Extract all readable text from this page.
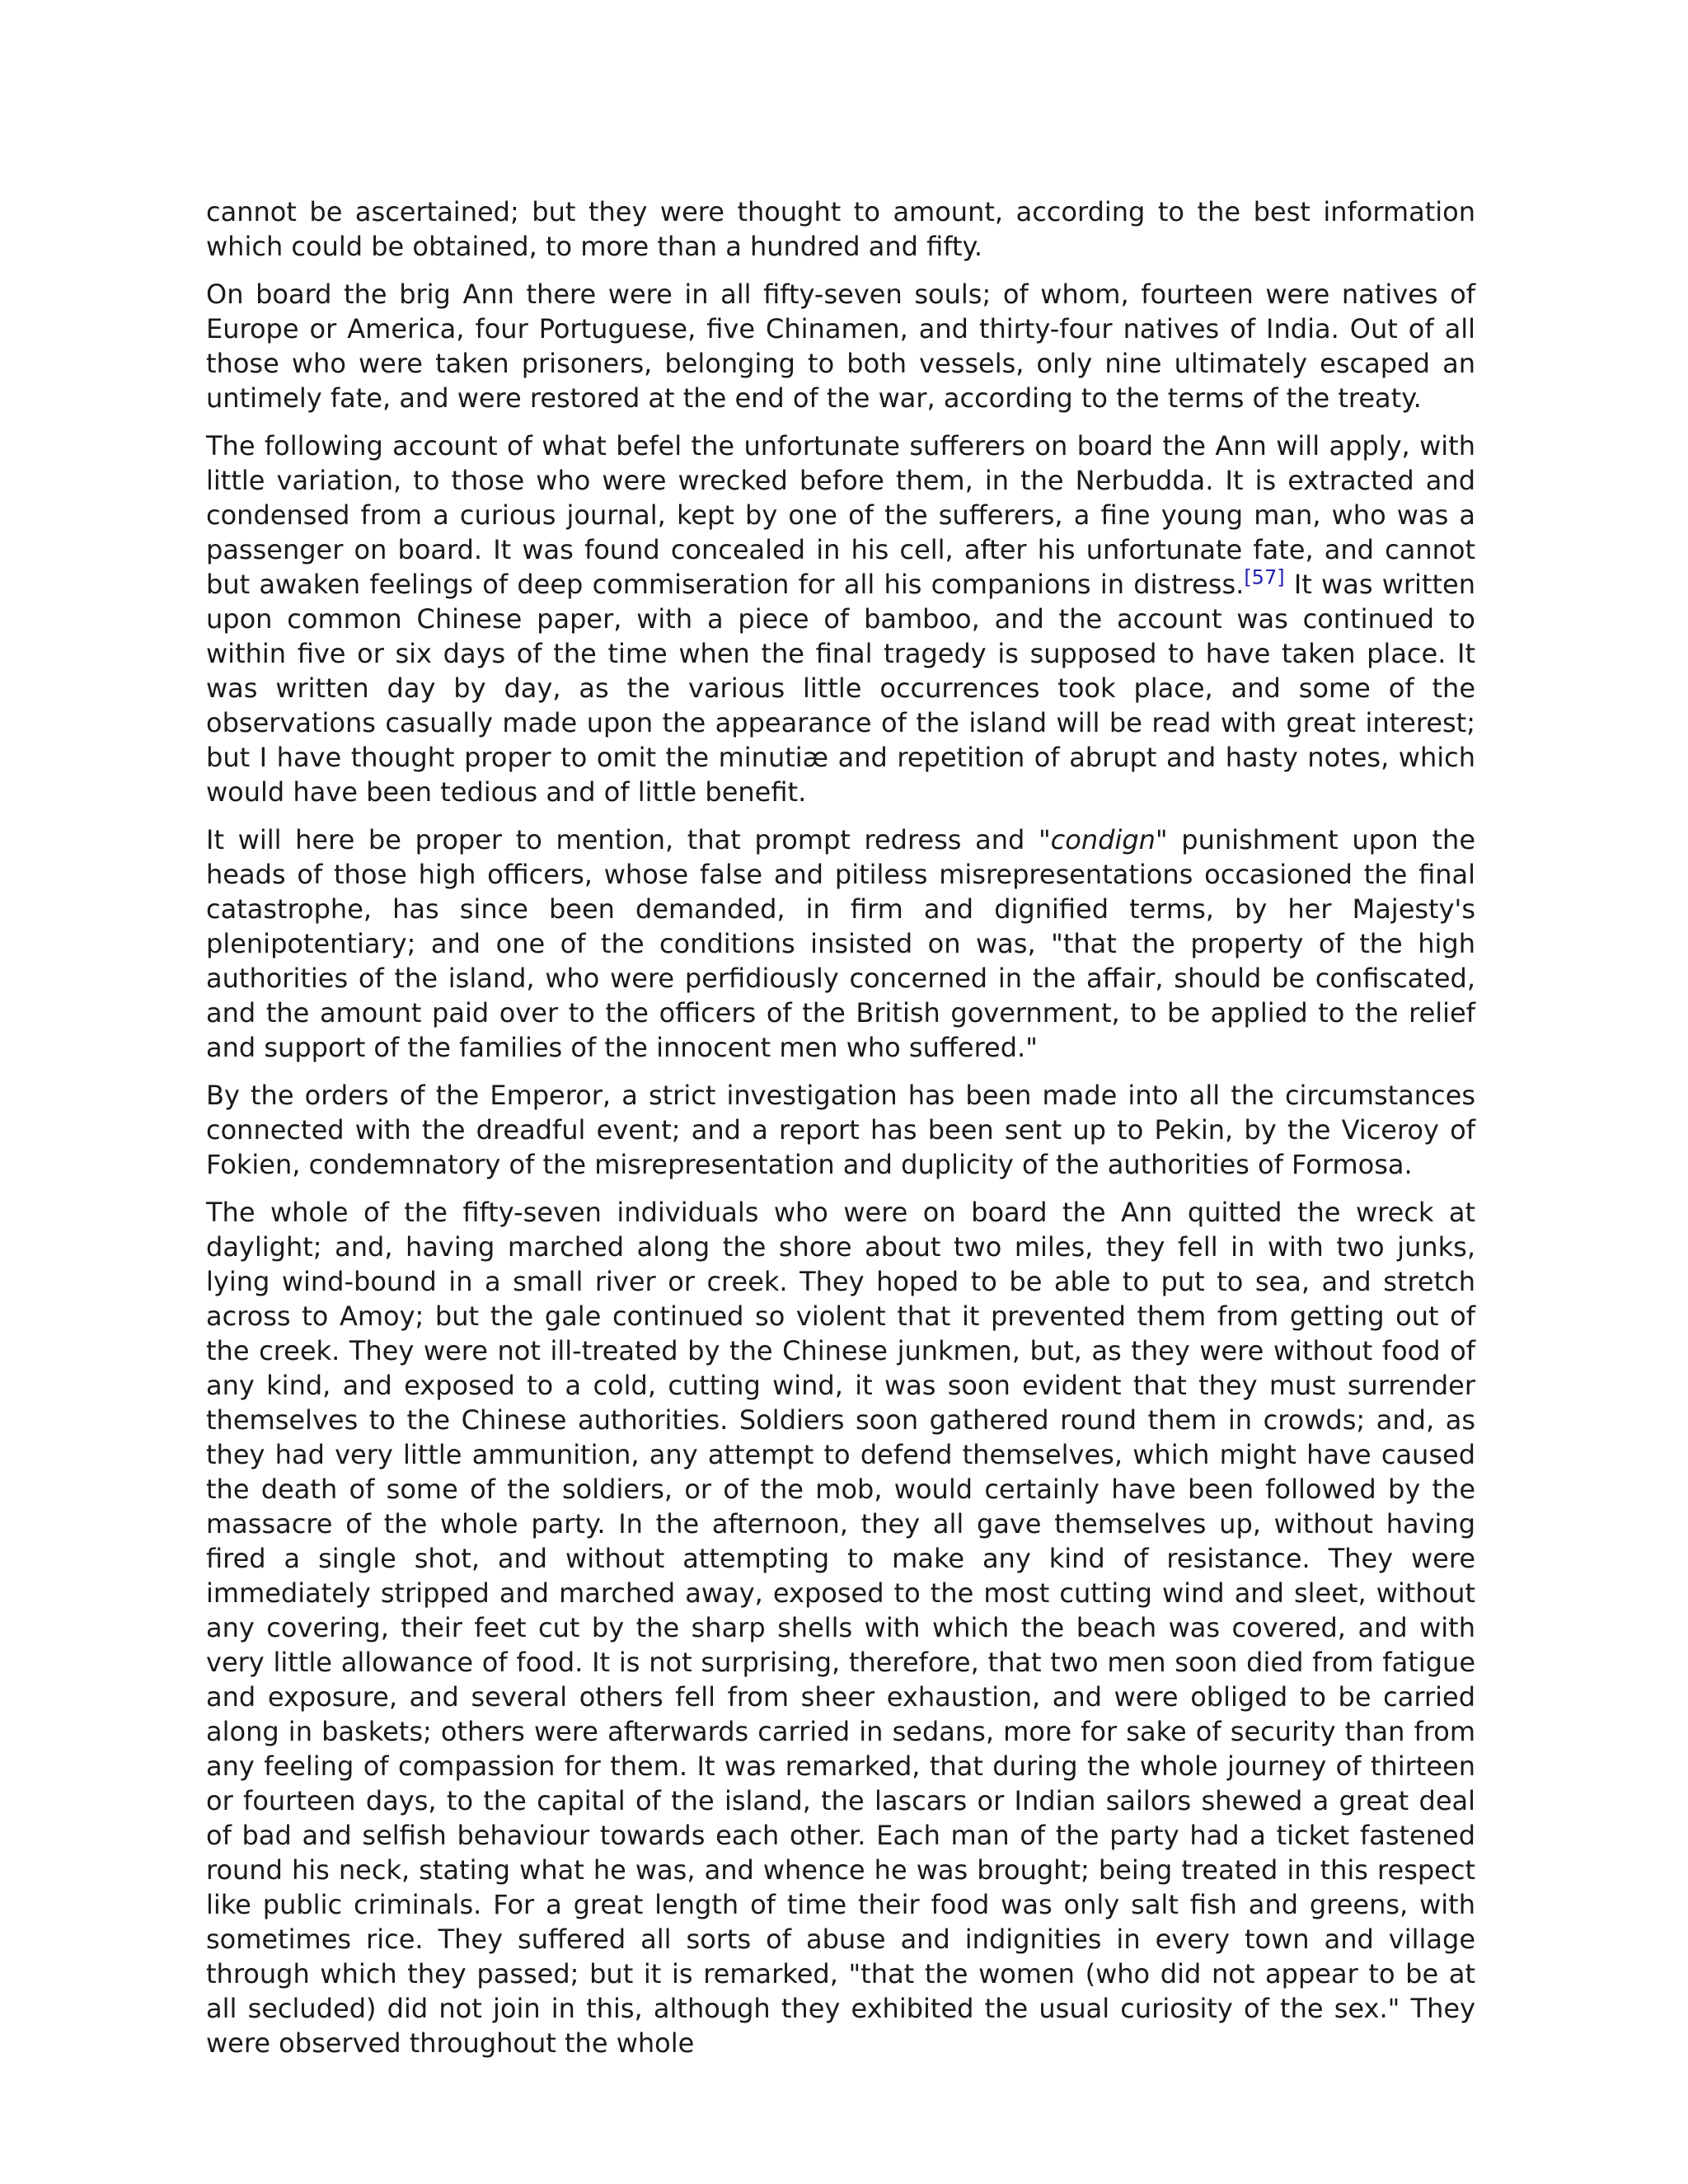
cannot be ascertained; but they were thought to amount, according to the best information which could be obtained, to more than a hundred and fifty.

On board the brig Ann there were in all fifty-seven souls; of whom, fourteen were natives of Europe or America, four Portuguese, five Chinamen, and thirty-four natives of India. Out of all those who were taken prisoners, belonging to both vessels, only nine ultimately escaped an untimely fate, and were restored at the end of the war, according to the terms of the treaty.

The following account of what befel the unfortunate sufferers on board the Ann will apply, with little variation, to those who were wrecked before them, in the Nerbudda. It is extracted and condensed from a curious journal, kept by one of the sufferers, a fine young man, who was a passenger on board. It was found concealed in his cell, after his unfortunate fate, and cannot but awaken feelings of deep commiseration for all his companions in distress.[57] It was written upon common Chinese paper, with a piece of bamboo, and the account was continued to within five or six days of the time when the final tragedy is supposed to have taken place. It was written day by day, as the various little occurrences took place, and some of the observations casually made upon the appearance of the island will be read with great interest; but I have thought proper to omit the minutiæ and repetition of abrupt and hasty notes, which would have been tedious and of little benefit.

It will here be proper to mention, that prompt redress and "condign" punishment upon the heads of those high officers, whose false and pitiless misrepresentations occasioned the final catastrophe, has since been demanded, in firm and dignified terms, by her Majesty's plenipotentiary; and one of the conditions insisted on was, "that the property of the high authorities of the island, who were perfidiously concerned in the affair, should be confiscated, and the amount paid over to the officers of the British government, to be applied to the relief and support of the families of the innocent men who suffered."

By the orders of the Emperor, a strict investigation has been made into all the circumstances connected with the dreadful event; and a report has been sent up to Pekin, by the Viceroy of Fokien, condemnatory of the misrepresentation and duplicity of the authorities of Formosa.

The whole of the fifty-seven individuals who were on board the Ann quitted the wreck at daylight; and, having marched along the shore about two miles, they fell in with two junks, lying wind-bound in a small river or creek. They hoped to be able to put to sea, and stretch across to Amoy; but the gale continued so violent that it prevented them from getting out of the creek. They were not ill-treated by the Chinese junkmen, but, as they were without food of any kind, and exposed to a cold, cutting wind, it was soon evident that they must surrender themselves to the Chinese authorities. Soldiers soon gathered round them in crowds; and, as they had very little ammunition, any attempt to defend themselves, which might have caused the death of some of the soldiers, or of the mob, would certainly have been followed by the massacre of the whole party. In the afternoon, they all gave themselves up, without having fired a single shot, and without attempting to make any kind of resistance. They were immediately stripped and marched away, exposed to the most cutting wind and sleet, without any covering, their feet cut by the sharp shells with which the beach was covered, and with very little allowance of food. It is not surprising, therefore, that two men soon died from fatigue and exposure, and several others fell from sheer exhaustion, and were obliged to be carried along in baskets; others were afterwards carried in sedans, more for sake of security than from any feeling of compassion for them. It was remarked, that during the whole journey of thirteen or fourteen days, to the capital of the island, the lascars or Indian sailors shewed a great deal of bad and selfish behaviour towards each other. Each man of the party had a ticket fastened round his neck, stating what he was, and whence he was brought; being treated in this respect like public criminals. For a great length of time their food was only salt fish and greens, with sometimes rice. They suffered all sorts of abuse and indignities in every town and village through which they passed; but it is remarked, "that the women (who did not appear to be at all secluded) did not join in this, although they exhibited the usual curiosity of the sex." They were observed throughout the whole
